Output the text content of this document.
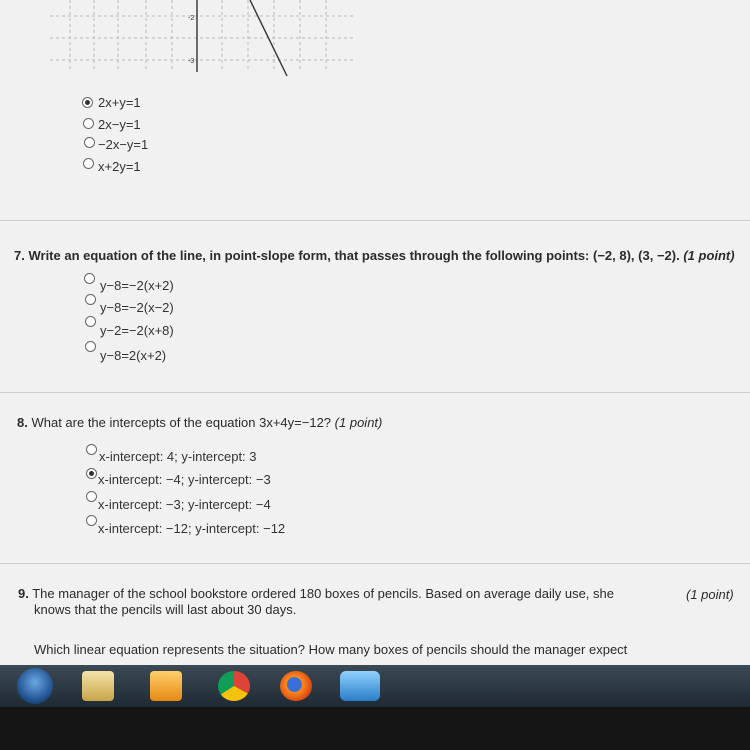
-2
-3
2x+y=1
2x−y=1
−2x−y=1
x+2y=1
7. Write an equation of the line, in point-slope form, that passes through the following points: (−2, 8), (3, −2). (1 point)
y−8=−2(x+2)
y−8=−2(x−2)
y−2=−2(x+8)
y−8=2(x+2)
8. What are the intercepts of the equation 3x+4y=−12? (1 point)
x-intercept: 4; y-intercept: 3
x-intercept: −4; y-intercept: −3
x-intercept: −3; y-intercept: −4
x-intercept: −12; y-intercept: −12
9. The manager of the school bookstore ordered 180 boxes of pencils. Based on average daily use, she
knows that the pencils will last about 30 days.
(1 point)
Which linear equation represents the situation? How many boxes of pencils should the manager expect
